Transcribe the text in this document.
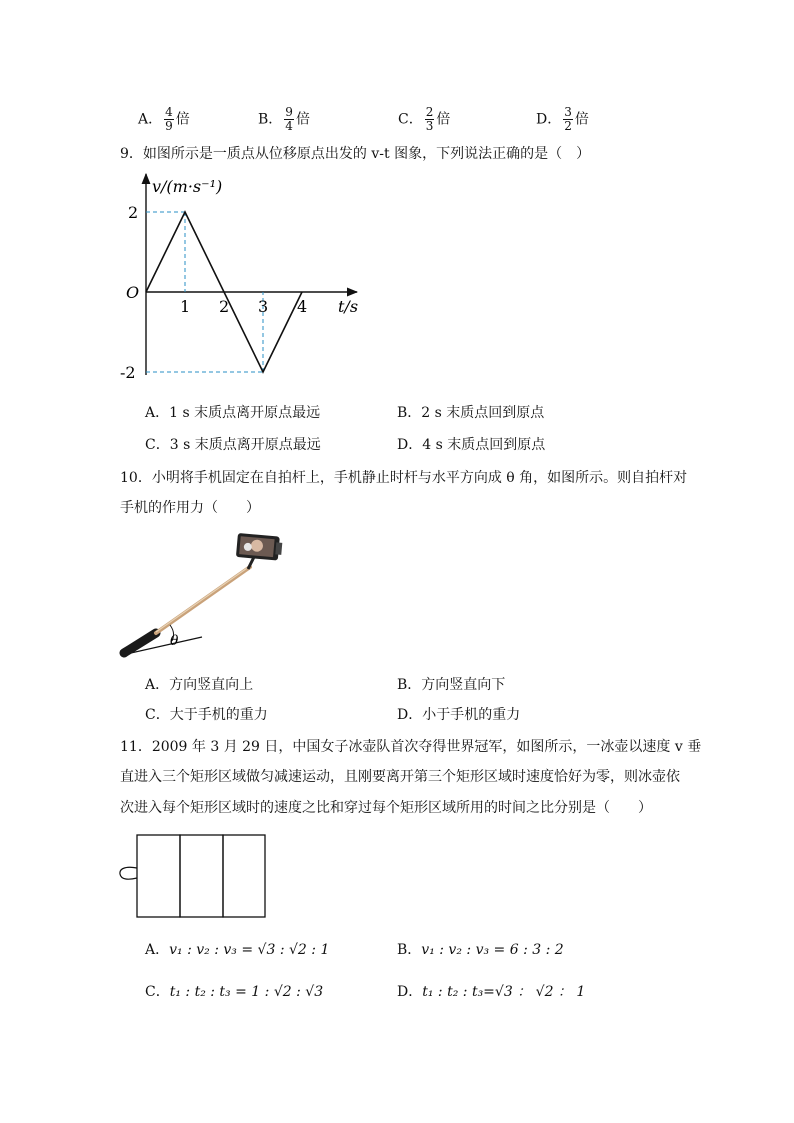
A． $\frac{4}{9}$ 倍	B． $\frac{9}{4}$ 倍	C． $\frac{2}{3}$ 倍	D． $\frac{3}{2}$ 倍
9．如图所示是一质点从位移原点出发的 v-t 图象，下列说法正确的是（　）
v/(m·s⁻¹)
t/s
O
1 2 3 4
2
-2
A．1 s 末质点离开原点最远	B．2 s 末质点回到原点
C．3 s 末质点离开原点最远	D．4 s 末质点回到原点
10．小明将手机固定在自拍杆上，手机静止时杆与水平方向成 θ 角，如图所示。则自拍杆对
手机的作用力（　　）
θ
A．方向竖直向上	B．方向竖直向下
C．大于手机的重力	D．小于手机的重力
11．2009 年 3 月 29 日，中国女子冰壶队首次夺得世界冠军，如图所示，一冰壶以速度 v 垂
直进入三个矩形区域做匀减速运动，且刚要离开第三个矩形区域时速度恰好为零，则冰壶依
次进入每个矩形区域时的速度之比和穿过每个矩形区域所用的时间之比分别是（　　）
A．v₁ : v₂ : v₃ = √3 : √2 : 1	B．v₁ : v₂ : v₃ = 6 : 3 : 2
C．t₁ : t₂ : t₃ = 1 : √2 : √3	D．t₁ : t₂ : t₃=√3 ： √2 ： 1
